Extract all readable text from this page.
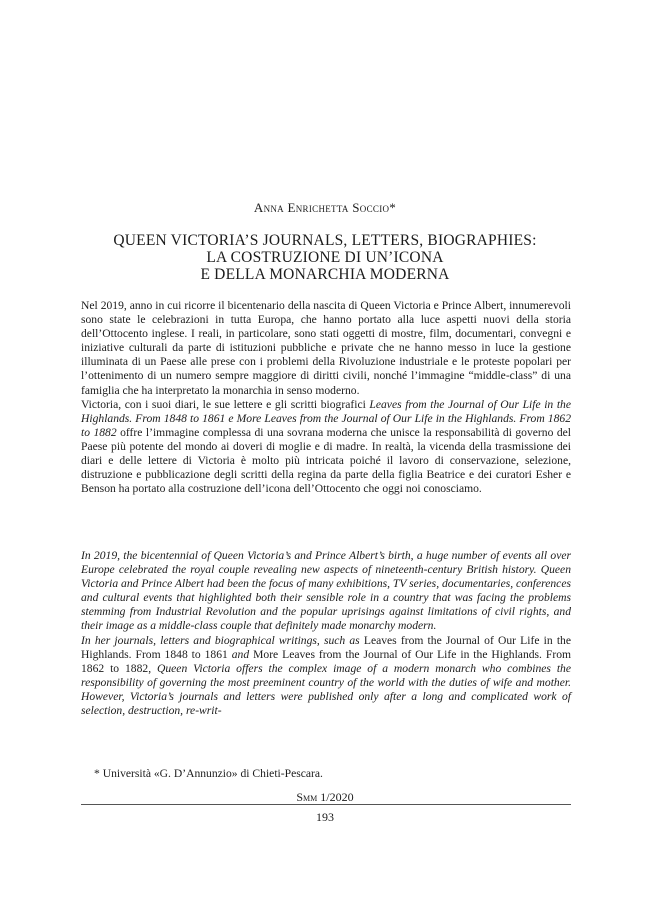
Anna Enrichetta Soccio*
QUEEN VICTORIA’S JOURNALS, LETTERS, BIOGRAPHIES:
LA COSTRUZIONE DI UN’ICONA
E DELLA MONARCHIA MODERNA

Nel 2019, anno in cui ricorre il bicentenario della nascita di Queen Victoria e Prince Albert, innumerevoli sono state le celebrazioni in tutta Europa, che hanno portato alla luce aspetti nuovi della storia dell’Ottocento inglese. I reali, in particolare, sono stati oggetti di mostre, film, documentari, convegni e iniziative culturali da parte di istituzioni pubbliche e private che ne hanno messo in luce la gestione illuminata di un Paese alle prese con i problemi della Rivoluzione industriale e le proteste popolari per l’ottenimento di un numero sempre maggiore di diritti civili, nonché l’immagine “middle-class” di una famiglia che ha interpretato la monarchia in senso moderno.

Victoria, con i suoi diari, le sue lettere e gli scritti biografici Leaves from the Journal of Our Life in the Highlands. From 1848 to 1861 e More Leaves from the Journal of Our Life in the Highlands. From 1862 to 1882 offre l’immagine complessa di una sovrana moderna che unisce la responsabilità di governo del Paese più potente del mondo ai doveri di moglie e di madre. In realtà, la vicenda della trasmissione dei diari e delle lettere di Victoria è molto più intricata poiché il lavoro di conservazione, selezione, distruzione e pubblicazione degli scritti della regina da parte della figlia Beatrice e dei curatori Esher e Benson ha portato alla costruzione dell’icona dell’Ottocento che oggi noi conosciamo.

In 2019, the bicentennial of Queen Victoria’s and Prince Albert’s birth, a huge number of events all over Europe celebrated the royal couple revealing new aspects of nineteenth-century British history. Queen Victoria and Prince Albert had been the focus of many exhibitions, TV series, documentaries, conferences and cultural events that highlighted both their sensible role in a country that was facing the problems stemming from Industrial Revolution and the popular uprisings against limitations of civil rights, and their image as a middle-class couple that definitely made monarchy modern.

In her journals, letters and biographical writings, such as Leaves from the Journal of Our Life in the Highlands. From 1848 to 1861 and More Leaves from the Journal of Our Life in the Highlands. From 1862 to 1882, Queen Victoria offers the complex image of a modern monarch who combines the responsibility of governing the most preeminent country of the world with the duties of wife and mother. However, Victoria’s journals and letters were published only after a long and complicated work of selection, destruction, re-writ-

* Università «G. D’Annunzio» di Chieti-Pescara.
Smm 1/2020
193
